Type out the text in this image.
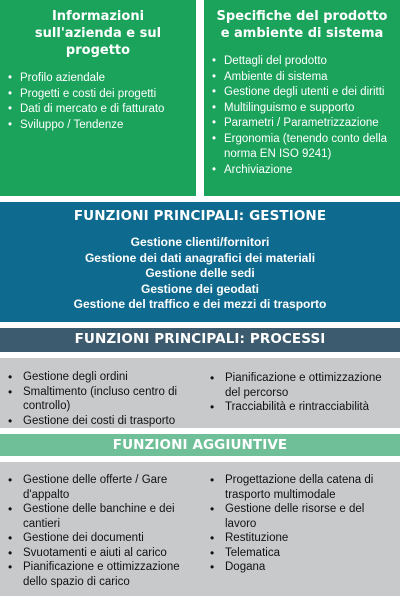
Informazioni sull'azienda e sul progetto
• Profilo aziendale
• Progetti e costi dei progetti
• Dati di mercato e di fatturato
• Sviluppo / Tendenze
Specifiche del prodotto e ambiente di sistema
• Dettagli del prodotto
• Ambiente di sistema
• Gestione degli utenti e dei diritti
• Multilinguismo e supporto
• Parametri / Parametrizzazione
• Ergonomia (tenendo conto della norma EN ISO 9241)
• Archiviazione
FUNZIONI PRINCIPALI: GESTIONE
Gestione clienti/fornitori
Gestione dei dati anagrafici dei materiali
Gestione delle sedi
Gestione dei geodati
Gestione del traffico e dei mezzi di trasporto
FUNZIONI PRINCIPALI: PROCESSI
• Gestione degli ordini
• Smaltimento (incluso centro di controllo)
• Gestione dei costi di trasporto
• Pianificazione e ottimizzazione del percorso
• Tracciabilità e rintracciabilità
FUNZIONI AGGIUNTIVE
• Gestione delle offerte / Gare d'appalto
• Gestione delle banchine e dei cantieri
• Gestione dei documenti
• Svuotamenti e aiuti al carico
• Pianificazione e ottimizzazione dello spazio di carico
• Progettazione della catena di trasporto multimodale
• Gestione delle risorse e del lavoro
• Restituzione
• Telematica
• Dogana
